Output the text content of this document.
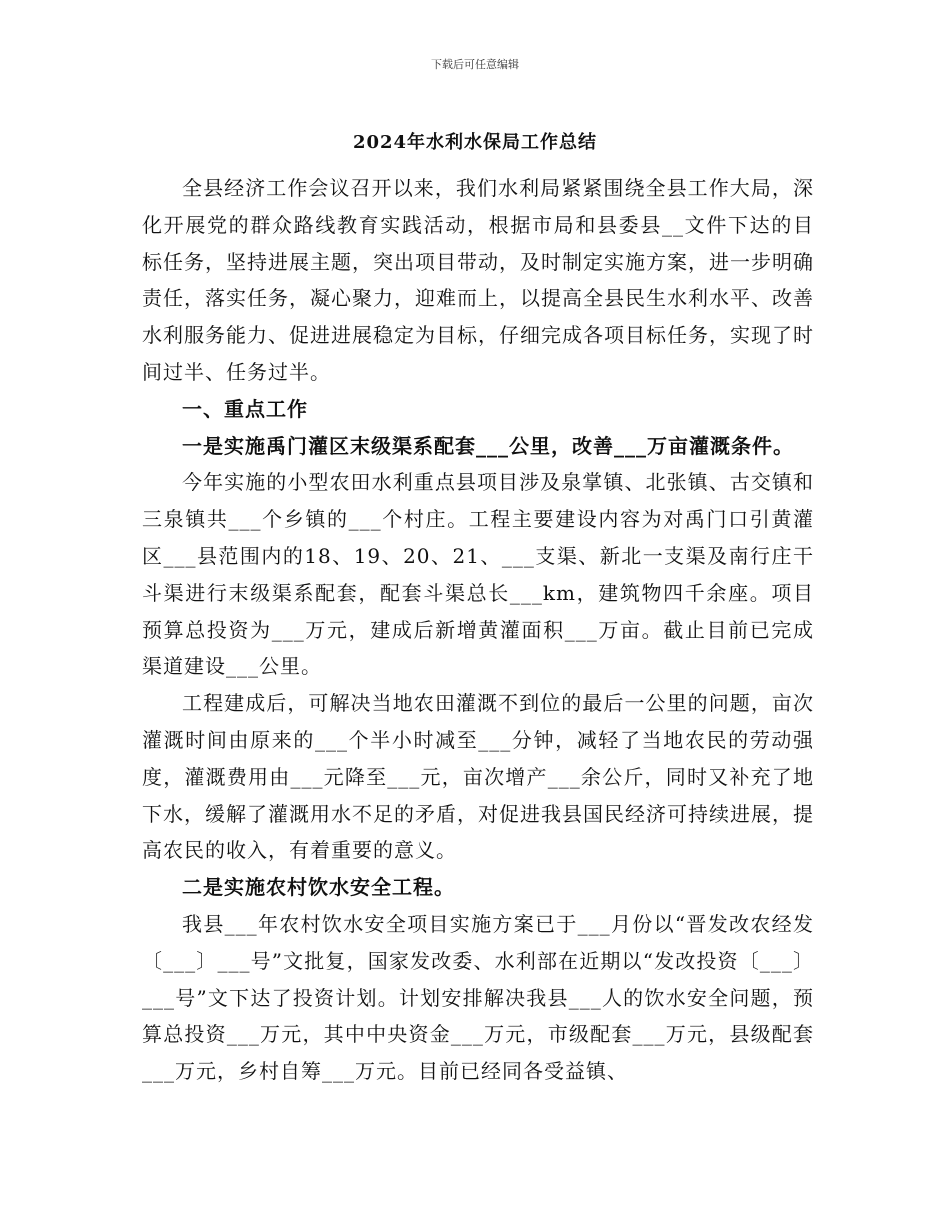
下载后可任意编辑
2024年水利水保局工作总结

全县经济工作会议召开以来，我们水利局紧紧围绕全县工作大局，深化开展党的群众路线教育实践活动，根据市局和县委县__文件下达的目标任务，坚持进展主题，突出项目带动，及时制定实施方案，进一步明确责任，落实任务，凝心聚力，迎难而上，以提高全县民生水利水平、改善水利服务能力、促进进展稳定为目标，仔细完成各项目标任务，实现了时间过半、任务过半。

一、重点工作

一是实施禹门灌区末级渠系配套___公里，改善___万亩灌溉条件。

今年实施的小型农田水利重点县项目涉及泉掌镇、北张镇、古交镇和三泉镇共___个乡镇的___个村庄。工程主要建设内容为对禹门口引黄灌区___县范围内的18、19、20、21、___支渠、新北一支渠及南行庄干斗渠进行末级渠系配套，配套斗渠总长___km，建筑物四千余座。项目预算总投资为___万元，建成后新增黄灌面积___万亩。截止目前已完成渠道建设___公里。

工程建成后，可解决当地农田灌溉不到位的最后一公里的问题，亩次灌溉时间由原来的___个半小时减至___分钟，减轻了当地农民的劳动强度，灌溉费用由___元降至___元，亩次增产___余公斤，同时又补充了地下水，缓解了灌溉用水不足的矛盾，对促进我县国民经济可持续进展，提高农民的收入，有着重要的意义。

二是实施农村饮水安全工程。

我县___年农村饮水安全项目实施方案已于___月份以“晋发改农经发〔___〕___号”文批复，国家发改委、水利部在近期以“发改投资〔___〕___号”文下达了投资计划。计划安排解决我县___人的饮水安全问题，预算总投资___万元，其中中央资金___万元，市级配套___万元，县级配套___万元，乡村自筹___万元。目前已经同各受益镇、
